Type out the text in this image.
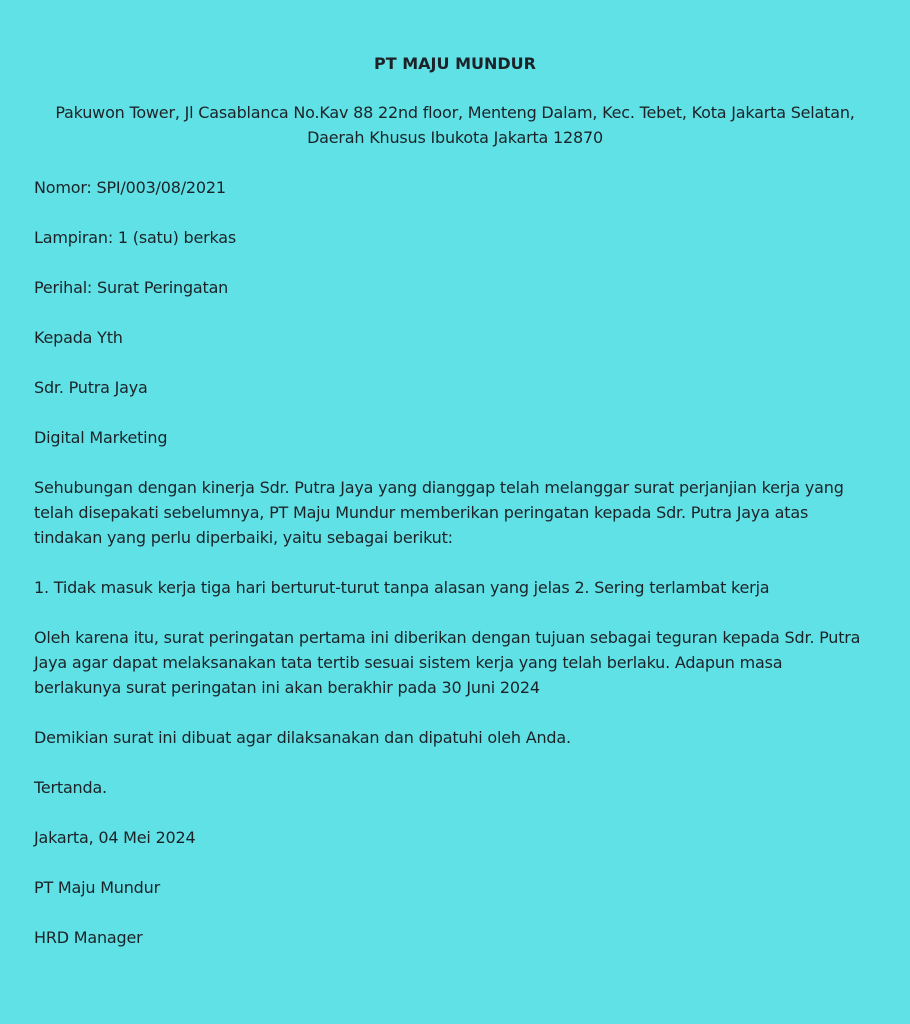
PT MAJU MUNDUR
Pakuwon Tower, Jl Casablanca No.Kav 88 22nd floor, Menteng Dalam, Kec. Tebet, Kota Jakarta Selatan, Daerah Khusus Ibukota Jakarta 12870
Nomor: SPI/003/08/2021
Lampiran: 1 (satu) berkas
Perihal: Surat Peringatan
Kepada Yth
Sdr. Putra Jaya
Digital Marketing
Sehubungan dengan kinerja Sdr. Putra Jaya yang dianggap telah melanggar surat perjanjian kerja yang telah disepakati sebelumnya, PT Maju Mundur memberikan peringatan kepada Sdr. Putra Jaya atas tindakan yang perlu diperbaiki, yaitu sebagai berikut:
1. Tidak masuk kerja tiga hari berturut-turut tanpa alasan yang jelas 2. Sering terlambat kerja
Oleh karena itu, surat peringatan pertama ini diberikan dengan tujuan sebagai teguran kepada Sdr. Putra Jaya agar dapat melaksanakan tata tertib sesuai sistem kerja yang telah berlaku. Adapun masa berlakunya surat peringatan ini akan berakhir pada 30 Juni 2024
Demikian surat ini dibuat agar dilaksanakan dan dipatuhi oleh Anda.
Tertanda.
Jakarta, 04 Mei 2024
PT Maju Mundur
HRD Manager
